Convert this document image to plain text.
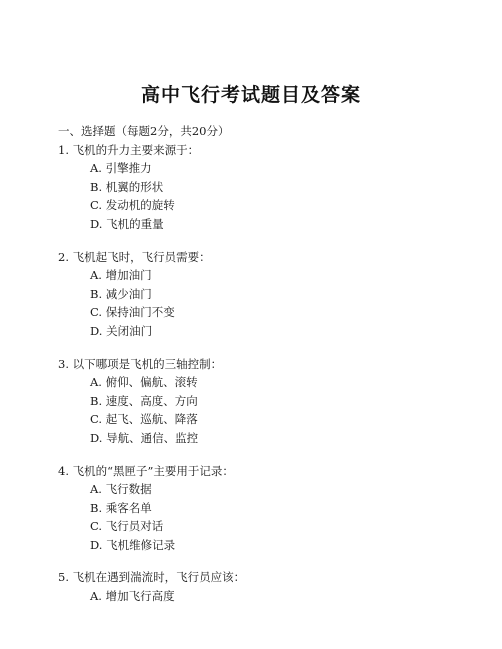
高中飞行考试题目及答案
一、选择题（每题2分，共20分）
1. 飞机的升力主要来源于：
A. 引擎推力
B. 机翼的形状
C. 发动机的旋转
D. 飞机的重量
2. 飞机起飞时，飞行员需要：
A. 增加油门
B. 减少油门
C. 保持油门不变
D. 关闭油门
3. 以下哪项是飞机的三轴控制：
A. 俯仰、偏航、滚转
B. 速度、高度、方向
C. 起飞、巡航、降落
D. 导航、通信、监控
4. 飞机的“黑匣子”主要用于记录：
A. 飞行数据
B. 乘客名单
C. 飞行员对话
D. 飞机维修记录
5. 飞机在遇到湍流时，飞行员应该：
A. 增加飞行高度
